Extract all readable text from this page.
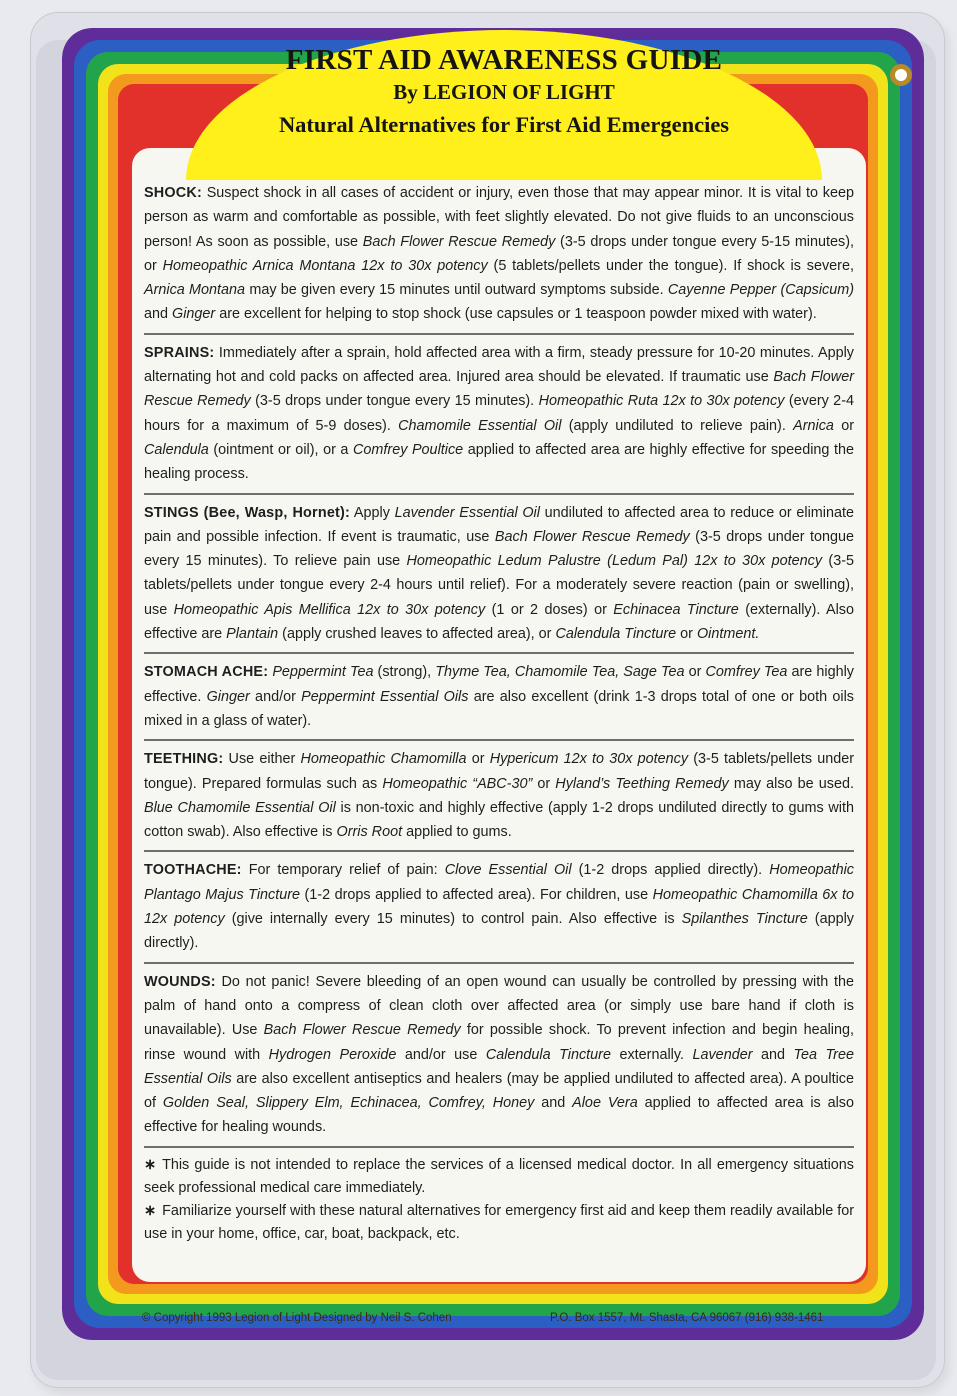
FIRST AID AWARENESS GUIDE
By LEGION OF LIGHT
Natural Alternatives for First Aid Emergencies
SHOCK: Suspect shock in all cases of accident or injury, even those that may appear minor. It is vital to keep person as warm and comfortable as possible, with feet slightly elevated. Do not give fluids to an unconscious person! As soon as possible, use Bach Flower Rescue Remedy (3-5 drops under tongue every 5-15 minutes), or Homeopathic Arnica Montana 12x to 30x potency (5 tablets/pellets under the tongue). If shock is severe, Arnica Montana may be given every 15 minutes until outward symptoms subside. Cayenne Pepper (Capsicum) and Ginger are excellent for helping to stop shock (use capsules or 1 teaspoon powder mixed with water).
SPRAINS: Immediately after a sprain, hold affected area with a firm, steady pressure for 10-20 minutes. Apply alternating hot and cold packs on affected area. Injured area should be elevated. If traumatic use Bach Flower Rescue Remedy (3-5 drops under tongue every 15 minutes). Homeopathic Ruta 12x to 30x potency (every 2-4 hours for a maximum of 5-9 doses). Chamomile Essential Oil (apply undiluted to relieve pain). Arnica or Calendula (ointment or oil), or a Comfrey Poultice applied to affected area are highly effective for speeding the healing process.
STINGS (Bee, Wasp, Hornet): Apply Lavender Essential Oil undiluted to affected area to reduce or eliminate pain and possible infection. If event is traumatic, use Bach Flower Rescue Remedy (3-5 drops under tongue every 15 minutes). To relieve pain use Homeopathic Ledum Palustre (Ledum Pal) 12x to 30x potency (3-5 tablets/pellets under tongue every 2-4 hours until relief). For a moderately severe reaction (pain or swelling), use Homeopathic Apis Mellifica 12x to 30x potency (1 or 2 doses) or Echinacea Tincture (externally). Also effective are Plantain (apply crushed leaves to affected area), or Calendula Tincture or Ointment.
STOMACH ACHE: Peppermint Tea (strong), Thyme Tea, Chamomile Tea, Sage Tea or Comfrey Tea are highly effective. Ginger and/or Peppermint Essential Oils are also excellent (drink 1-3 drops total of one or both oils mixed in a glass of water).
TEETHING: Use either Homeopathic Chamomilla or Hypericum 12x to 30x potency (3-5 tablets/pellets under tongue). Prepared formulas such as Homeopathic “ABC-30” or Hyland’s Teething Remedy may also be used. Blue Chamomile Essential Oil is non-toxic and highly effective (apply 1-2 drops undiluted directly to gums with cotton swab). Also effective is Orris Root applied to gums.
TOOTHACHE: For temporary relief of pain: Clove Essential Oil (1-2 drops applied directly). Homeopathic Plantago Majus Tincture (1-2 drops applied to affected area). For children, use Homeopathic Chamomilla 6x to 12x potency (give internally every 15 minutes) to control pain. Also effective is Spilanthes Tincture (apply directly).
WOUNDS: Do not panic! Severe bleeding of an open wound can usually be controlled by pressing with the palm of hand onto a compress of clean cloth over affected area (or simply use bare hand if cloth is unavailable). Use Bach Flower Rescue Remedy for possible shock. To prevent infection and begin healing, rinse wound with Hydrogen Peroxide and/or use Calendula Tincture externally. Lavender and Tea Tree Essential Oils are also excellent antiseptics and healers (may be applied undiluted to affected area). A poultice of Golden Seal, Slippery Elm, Echinacea, Comfrey, Honey and Aloe Vera applied to affected area is also effective for healing wounds.
∗ This guide is not intended to replace the services of a licensed medical doctor. In all emergency situations seek professional medical care immediately.
∗ Familiarize yourself with these natural alternatives for emergency first aid and keep them readily available for use in your home, office, car, boat, backpack, etc.
© Copyright 1993 Legion of Light Designed by Neil S. Cohen	P.O. Box 1557, Mt. Shasta, CA 96067 (916) 938-1461
